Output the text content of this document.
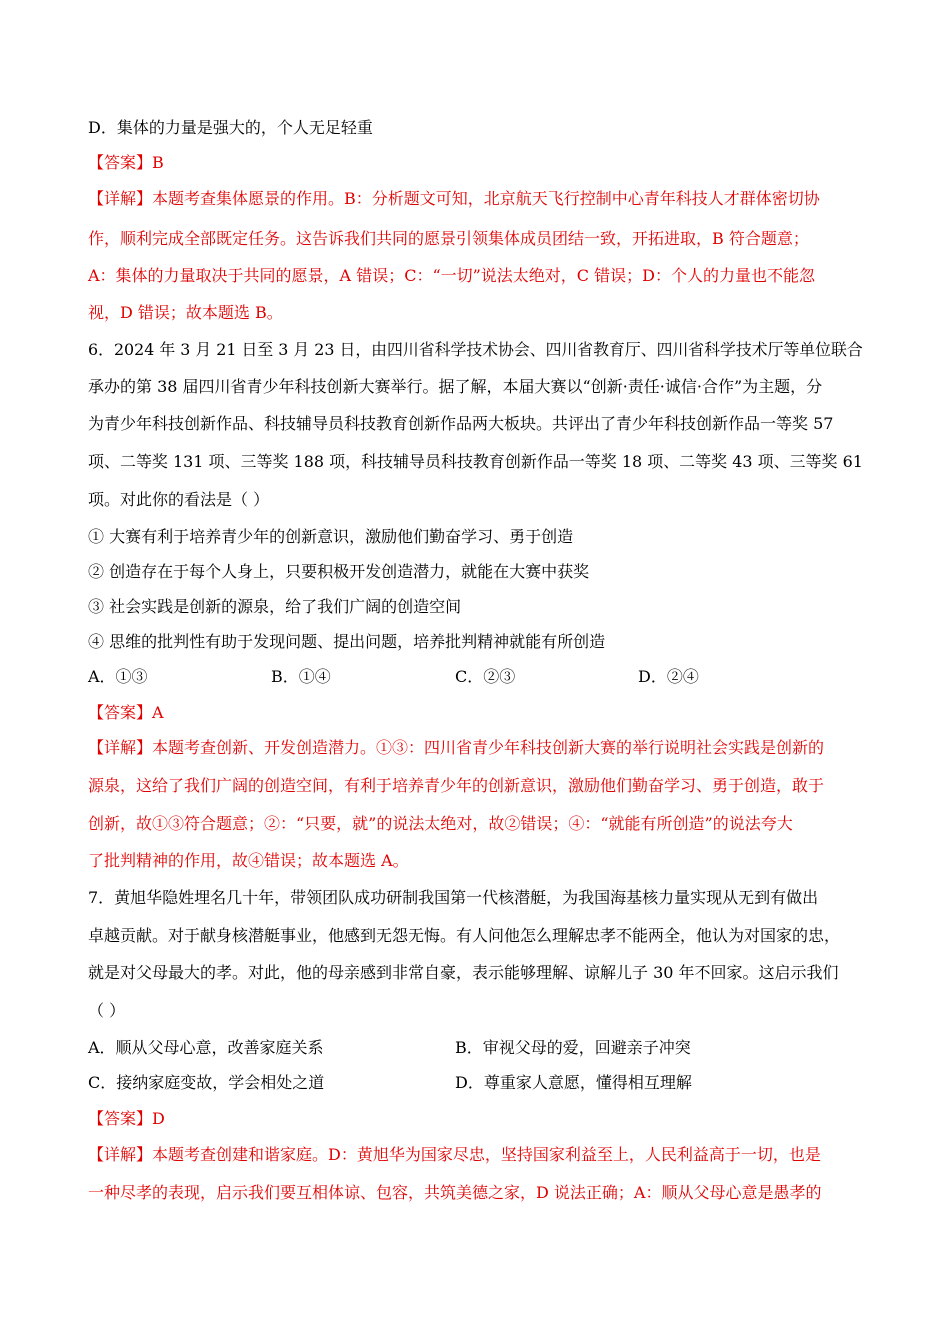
D．集体的力量是强大的，个人无足轻重
【答案】B
【详解】本题考查集体愿景的作用。B：分析题文可知，北京航天飞行控制中心青年科技人才群体密切协
作，顺利完成全部既定任务。这告诉我们共同的愿景引领集体成员团结一致，开拓进取，B 符合题意；
A：集体的力量取决于共同的愿景，A 错误；C：“一切”说法太绝对，C 错误；D：个人的力量也不能忽
视，D 错误；故本题选 B。
6．2024 年 3 月 21 日至 3 月 23 日，由四川省科学技术协会、四川省教育厅、四川省科学技术厅等单位联合
承办的第 38 届四川省青少年科技创新大赛举行。据了解，本届大赛以“创新·责任·诚信·合作”为主题，分
为青少年科技创新作品、科技辅导员科技教育创新作品两大板块。共评出了青少年科技创新作品一等奖 57
项、二等奖 131 项、三等奖 188 项，科技辅导员科技教育创新作品一等奖 18 项、二等奖 43 项、三等奖 61
项。对此你的看法是（ ）
① 大赛有利于培养青少年的创新意识，激励他们勤奋学习、勇于创造
② 创造存在于每个人身上，只要积极开发创造潜力，就能在大赛中获奖
③ 社会实践是创新的源泉，给了我们广阔的创造空间
④ 思维的批判性有助于发现问题、提出问题，培养批判精神就能有所创造
A．①③	B．①④	C．②③	D．②④
【答案】A
【详解】本题考查创新、开发创造潜力。①③：四川省青少年科技创新大赛的举行说明社会实践是创新的
源泉，这给了我们广阔的创造空间，有利于培养青少年的创新意识，激励他们勤奋学习、勇于创造，敢于
创新，故①③符合题意；②：“只要，就”的说法太绝对，故②错误；④：“就能有所创造”的说法夸大
了批判精神的作用，故④错误；故本题选 A。
7．黄旭华隐姓埋名几十年，带领团队成功研制我国第一代核潜艇，为我国海基核力量实现从无到有做出
卓越贡献。对于献身核潜艇事业，他感到无怨无悔。有人问他怎么理解忠孝不能两全，他认为对国家的忠，
就是对父母最大的孝。对此，他的母亲感到非常自豪，表示能够理解、谅解儿子 30 年不回家。这启示我们
（ ）
A．顺从父母心意，改善家庭关系	B．审视父母的爱，回避亲子冲突
C．接纳家庭变故，学会相处之道	D．尊重家人意愿，懂得相互理解
【答案】D
【详解】本题考查创建和谐家庭。D：黄旭华为国家尽忠，坚持国家利益至上，人民利益高于一切，也是
一种尽孝的表现，启示我们要互相体谅、包容，共筑美德之家，D 说法正确；A：顺从父母心意是愚孝的
